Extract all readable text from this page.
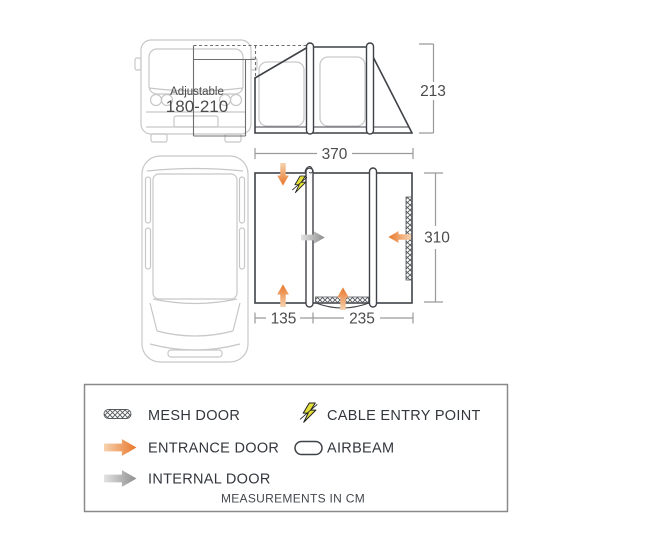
Adjustable
180-210
213
370
310
135	235
MESH DOOR	CABLE ENTRY POINT
ENTRANCE DOOR	AIRBEAM
INTERNAL DOOR
MEASUREMENTS IN CM
